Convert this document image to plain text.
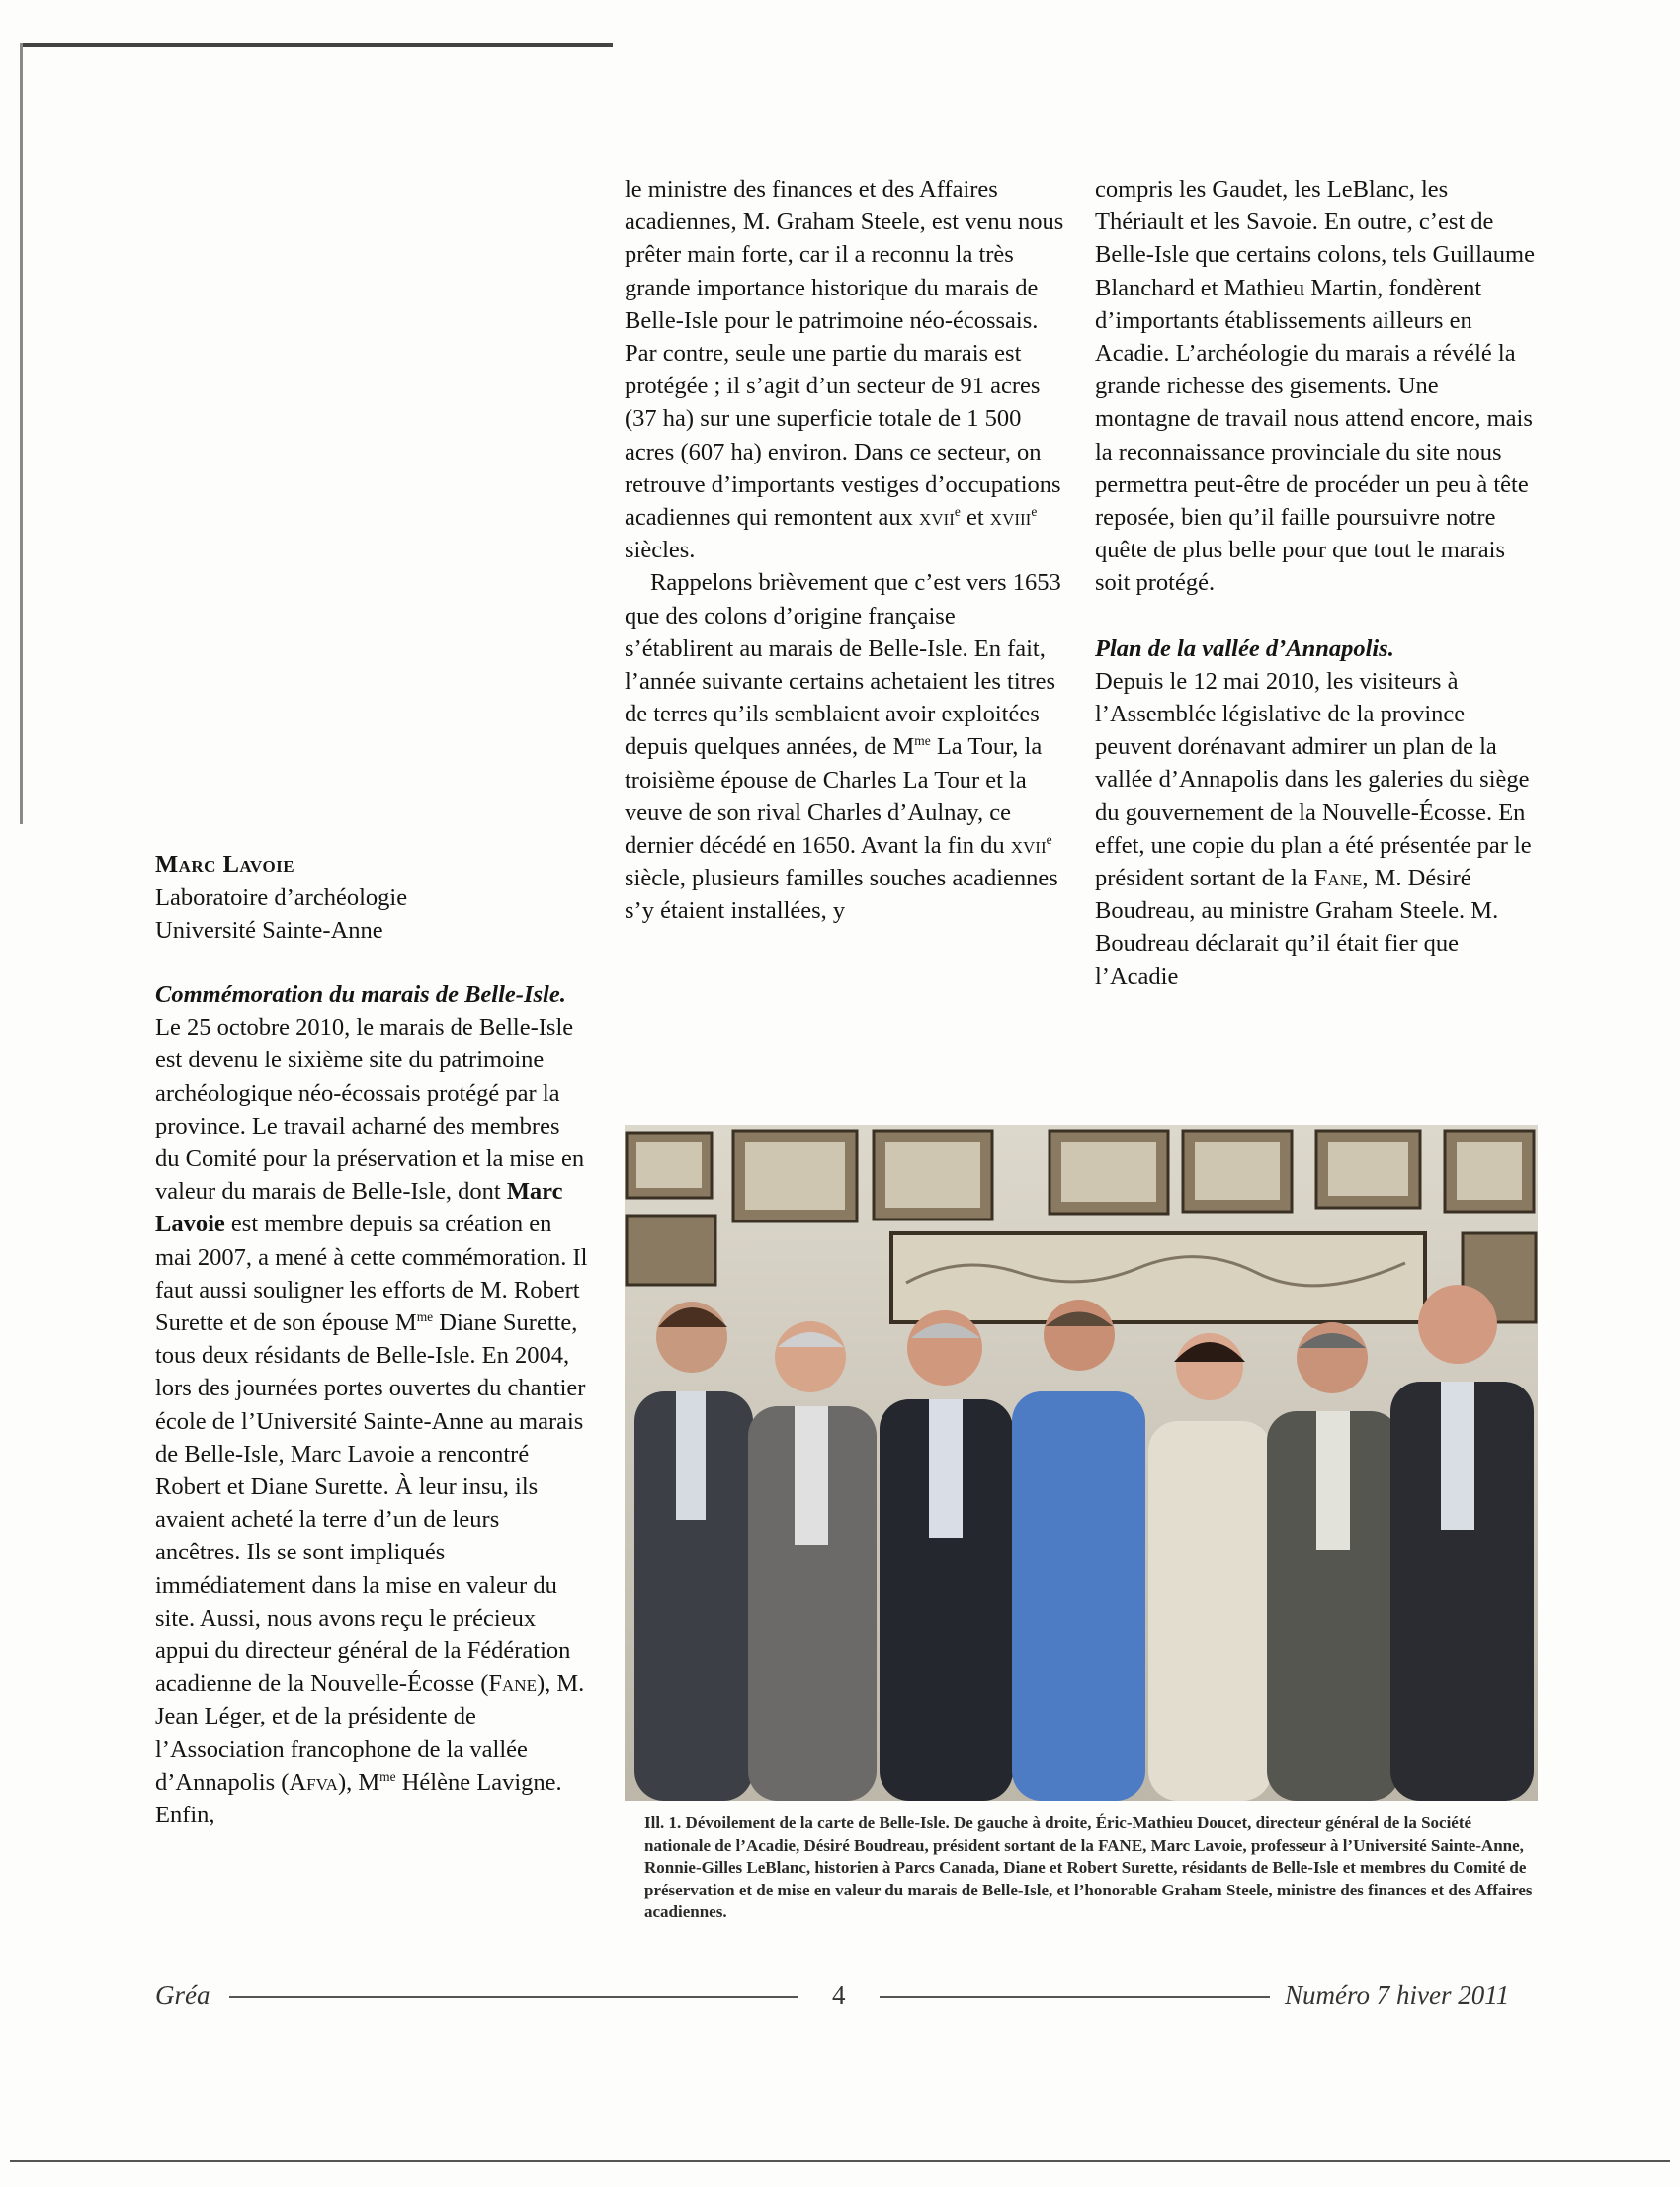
Marc Lavoie
Laboratoire d’archéologie
Université Sainte-Anne

Commémoration du marais de Belle-Isle. Le 25 octobre 2010, le marais de Belle-Isle est devenu le sixième site du patrimoine archéologique néo-écossais protégé par la province. Le travail acharné des membres du Comité pour la préservation et la mise en valeur du marais de Belle-Isle, dont Marc Lavoie est membre depuis sa création en mai 2007, a mené à cette commémoration. Il faut aussi souligner les efforts de M. Robert Surette et de son épouse $M^{me}$ Diane Surette, tous deux résidants de Belle-Isle. En 2004, lors des journées portes ouvertes du chantier école de l’Université Sainte-Anne au marais de Belle-Isle, Marc Lavoie a rencontré Robert et Diane Surette. À leur insu, ils avaient acheté la terre d’un de leurs ancêtres. Ils se sont impliqués immédiatement dans la mise en valeur du site. Aussi, nous avons reçu le précieux appui du directeur général de la Fédération acadienne de la Nouvelle-Écosse (Fane), M. Jean Léger, et de la présidente de l’Association francophone de la vallée d’Annapolis (Afva), $M^{me}$ Hélène Lavigne. Enfin,

le ministre des finances et des Affaires acadiennes, M. Graham Steele, est venu nous prêter main forte, car il a reconnu la très grande importance historique du marais de Belle-Isle pour le patrimoine néo-écossais. Par contre, seule une partie du marais est protégée ; il s’agit d’un secteur de 91 acres (37 ha) sur une superficie totale de 1 500 acres (607 ha) environ. Dans ce secteur, on retrouve d’importants vestiges d’occupations acadiennes qui remontent aux xvii$^e$ et xviii$^e$ siècles.

Rappelons brièvement que c’est vers 1653 que des colons d’origine française s’établirent au marais de Belle-Isle. En fait, l’année suivante certains achetaient les titres de terres qu’ils semblaient avoir exploitées depuis quelques années, de $M^{me}$ La Tour, la troisième épouse de Charles La Tour et la veuve de son rival Charles d’Aulnay, ce dernier décédé en 1650. Avant la fin du xvii$^e$ siècle, plusieurs familles souches acadiennes s’y étaient installées, y

compris les Gaudet, les LeBlanc, les Thériault et les Savoie. En outre, c’est de Belle-Isle que certains colons, tels Guillaume Blanchard et Mathieu Martin, fondèrent d’importants établissements ailleurs en Acadie. L’archéologie du marais a révélé la grande richesse des gisements. Une montagne de travail nous attend encore, mais la reconnaissance provinciale du site nous permettra peut-être de procéder un peu à tête reposée, bien qu’il faille poursuivre notre quête de plus belle pour que tout le marais soit protégé.

Plan de la vallée d’Annapolis.

Depuis le 12 mai 2010, les visiteurs à l’Assemblée législative de la province peuvent dorénavant admirer un plan de la vallée d’Annapolis dans les galeries du siège du gouvernement de la Nouvelle-Écosse. En effet, une copie du plan a été présentée par le président sortant de la Fane, M. Désiré Boudreau, au ministre Graham Steele. M. Boudreau déclarait qu’il était fier que l’Acadie

Ill. 1. Dévoilement de la carte de Belle-Isle. De gauche à droite, Éric-Mathieu Doucet, directeur général de la Société nationale de l’Acadie, Désiré Boudreau, président sortant de la FANE, Marc Lavoie, professeur à l’Université Sainte-Anne, Ronnie-Gilles LeBlanc, historien à Parcs Canada, Diane et Robert Surette, résidants de Belle-Isle et membres du Comité de préservation et de mise en valeur du marais de Belle-Isle, et l’honorable Graham Steele, ministre des finances et des Affaires acadiennes.
Gréa	4	Numéro 7 hiver 2011
